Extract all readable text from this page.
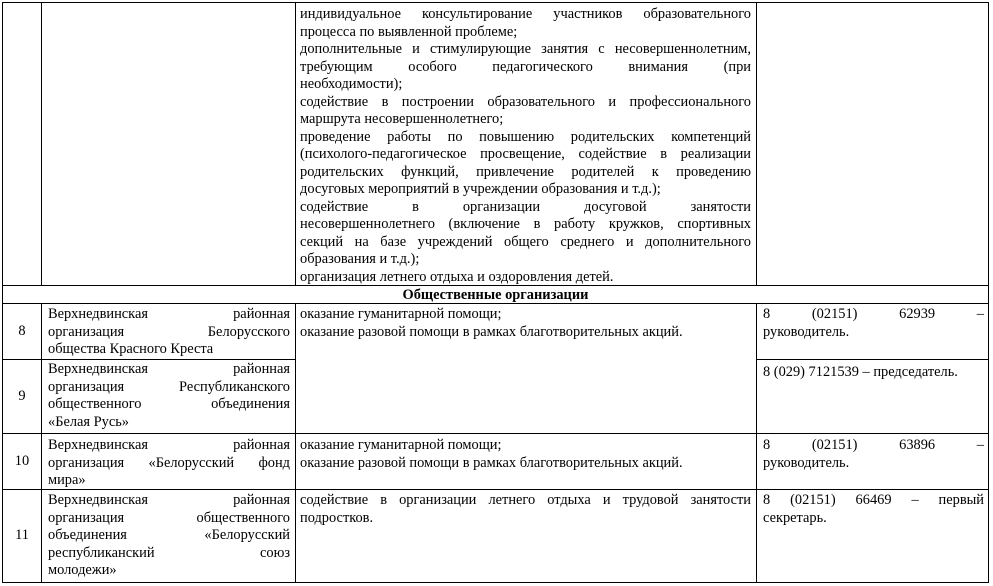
индивидуальное консультирование участников образовательного
процесса по выявленной проблеме;
дополнительные и стимулирующие занятия с несовершеннолетним,
требующим особого педагогического внимания (при
необходимости);
содействие в построении образовательного и профессионального
маршрута несовершеннолетнего;
проведение работы по повышению родительских компетенций
(психолого-педагогическое просвещение, содействие в реализации
родительских функций, привлечение родителей к проведению
досуговых мероприятий в учреждении образования и т.д.);
содействие в организации досуговой занятости
несовершеннолетнего (включение в работу кружков, спортивных
секций на базе учреждений общего среднего и дополнительного
образования и т.д.);
организация летнего отдыха и оздоровления детей.
Общественные организации
8
Верхнедвинская районная
организация Белорусского
общества Красного Креста
оказание гуманитарной помощи;
оказание разовой помощи в рамках благотворительных акций.
8 (02151) 62939 –
руководитель.
9
Верхнедвинская районная
организация Республиканского
общественного объединения
«Белая Русь»
8 (029) 7121539 – председатель.
10
Верхнедвинская районная
организация «Белорусский фонд
мира»
оказание гуманитарной помощи;
оказание разовой помощи в рамках благотворительных акций.
8 (02151) 63896 –
руководитель.
11
Верхнедвинская районная
организация общественного
объединения «Белорусский
республиканский союз
молодежи»
содействие в организации летнего отдыха и трудовой занятости
подростков.
8 (02151) 66469 – первый
секретарь.
